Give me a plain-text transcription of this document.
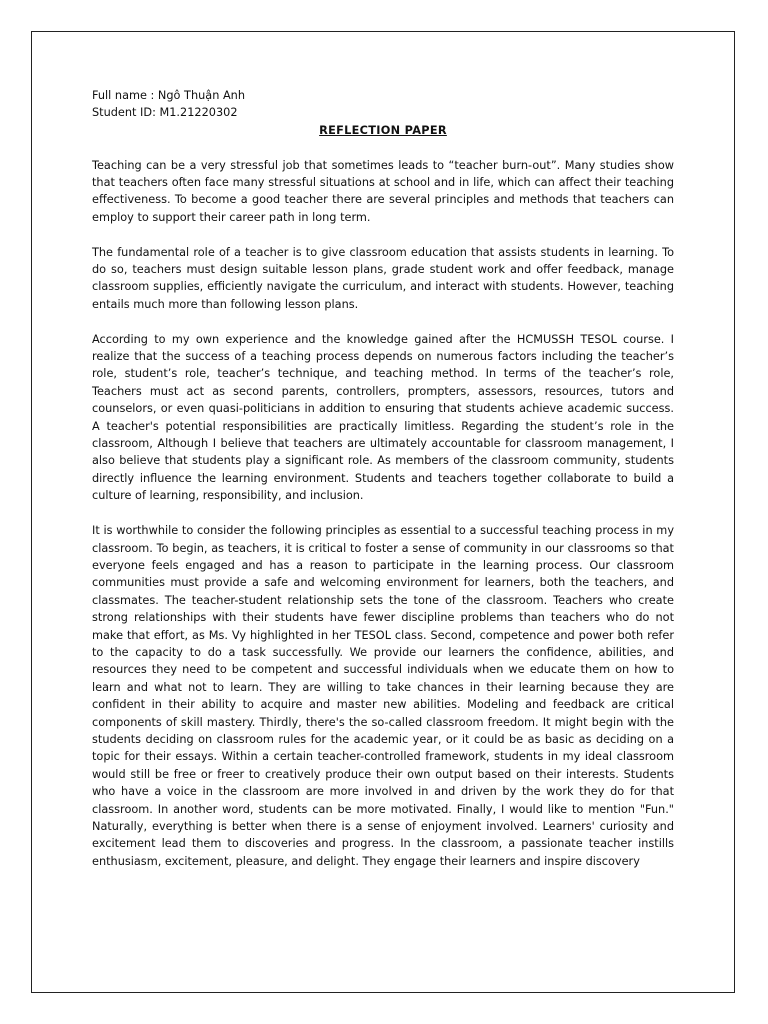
Full name : Ngô Thuận Anh

Student ID: M1.21220302

REFLECTION PAPER

Teaching can be a very stressful job that sometimes leads to “teacher burn-out”. Many studies show that teachers often face many stressful situations at school and in life, which can affect their teaching effectiveness. To become a good teacher there are several principles and methods that teachers can employ to support their career path in long term.

The fundamental role of a teacher is to give classroom education that assists students in learning. To do so, teachers must design suitable lesson plans, grade student work and offer feedback, manage classroom supplies, efficiently navigate the curriculum, and interact with students. However, teaching entails much more than following lesson plans.

According to my own experience and the knowledge gained after the HCMUSSH TESOL course. I realize that the success of a teaching process depends on numerous factors including the teacher’s role, student’s role, teacher’s technique, and teaching method. In terms of the teacher’s role, Teachers must act as second parents, controllers, prompters, assessors, resources, tutors and counselors, or even quasi-politicians in addition to ensuring that students achieve academic success. A teacher's potential responsibilities are practically limitless. Regarding the student’s role in the classroom, Although I believe that teachers are ultimately accountable for classroom management, I also believe that students play a significant role. As members of the classroom community, students directly influence the learning environment. Students and teachers together collaborate to build a culture of learning, responsibility, and inclusion.

It is worthwhile to consider the following principles as essential to a successful teaching process in my classroom. To begin, as teachers, it is critical to foster a sense of community in our classrooms so that everyone feels engaged and has a reason to participate in the learning process. Our classroom communities must provide a safe and welcoming environment for learners, both the teachers, and classmates. The teacher-student relationship sets the tone of the classroom. Teachers who create strong relationships with their students have fewer discipline problems than teachers who do not make that effort, as Ms. Vy highlighted in her TESOL class. Second, competence and power both refer to the capacity to do a task successfully. We provide our learners the confidence, abilities, and resources they need to be competent and successful individuals when we educate them on how to learn and what not to learn. They are willing to take chances in their learning because they are confident in their ability to acquire and master new abilities. Modeling and feedback are critical components of skill mastery. Thirdly, there's the so-called classroom freedom. It might begin with the students deciding on classroom rules for the academic year, or it could be as basic as deciding on a topic for their essays. Within a certain teacher-controlled framework, students in my ideal classroom would still be free or freer to creatively produce their own output based on their interests. Students who have a voice in the classroom are more involved in and driven by the work they do for that classroom. In another word, students can be more motivated. Finally, I would like to mention "Fun." Naturally, everything is better when there is a sense of enjoyment involved. Learners' curiosity and excitement lead them to discoveries and progress. In the classroom, a passionate teacher instills enthusiasm, excitement, pleasure, and delight. They engage their learners and inspire discovery
